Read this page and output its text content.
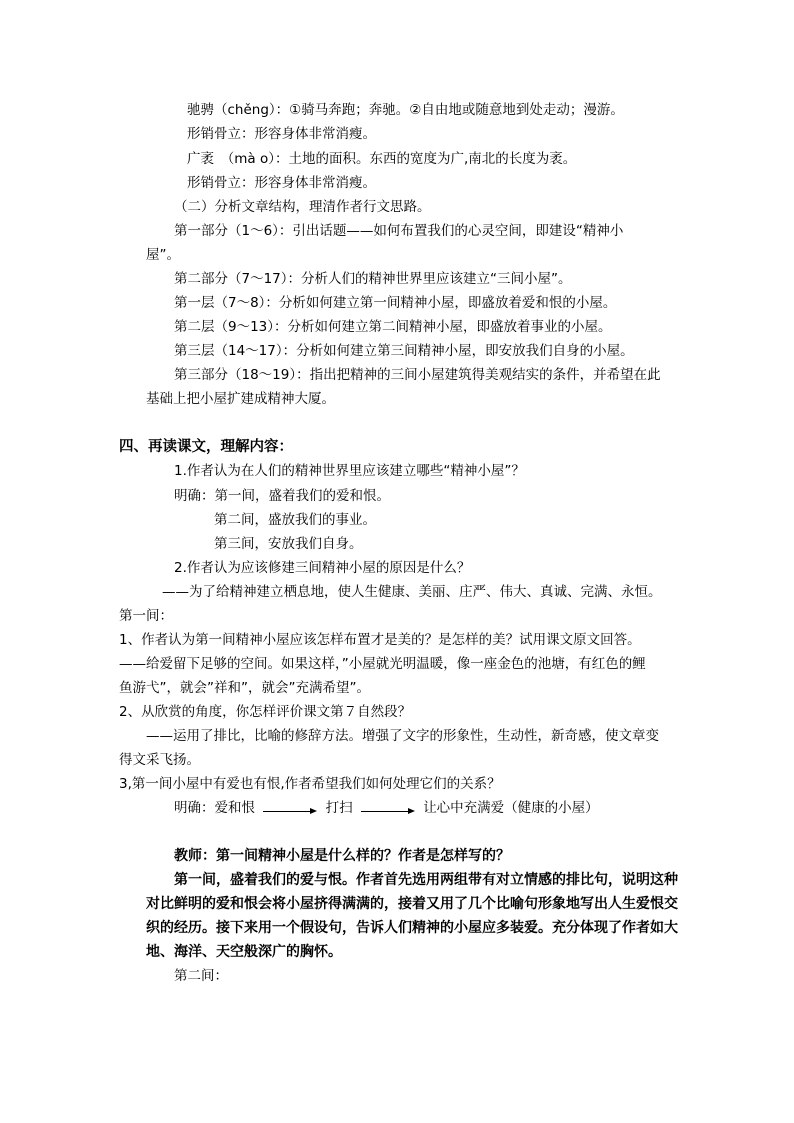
驰骋（chěng）：①骑马奔跑；奔驰。②自由地或随意地到处走动；漫游。
形销骨立：形容身体非常消瘦。
广袤　（mà o）：土地的面积。东西的宽度为广,南北的长度为袤。
形销骨立：形容身体非常消瘦。
（二）分析文章结构，理清作者行文思路。
第一部分（1～6）：引出话题——如何布置我们的心灵空间，即建设“精神小
屋”。
第二部分（7～17）：分析人们的精神世界里应该建立“三间小屋”。
第一层（7～8）：分析如何建立第一间精神小屋，即盛放着爱和恨的小屋。
第二层（9～13）：分析如何建立第二间精神小屋，即盛放着事业的小屋。
第三层（14～17）：分析如何建立第三间精神小屋，即安放我们自身的小屋。
第三部分（18～19）：指出把精神的三间小屋建筑得美观结实的条件，并希望在此
基础上把小屋扩建成精神大厦。
四、再读课文，理解内容：
1.作者认为在人们的精神世界里应该建立哪些“精神小屋”？
明确：第一间，盛着我们的爱和恨。
第二间，盛放我们的事业。
第三间，安放我们自身。
2.作者认为应该修建三间精神小屋的原因是什么？
——为了给精神建立栖息地，使人生健康、美丽、庄严、伟大、真诚、完满、永恒。
第一间：
1、作者认为第一间精神小屋应该怎样布置才是美的？是怎样的美？试用课文原文回答。
——给爱留下足够的空间。如果这样，”小屋就光明温暖，像一座金色的池塘，有红色的鲤
鱼游弋”，就会”祥和”，就会”充满希望”。
2、从欣赏的角度，你怎样评价课文第７自然段？
——运用了排比，比喻的修辞方法。增强了文字的形象性，生动性，新奇感，使文章变
得文采飞扬。
3,第一间小屋中有爱也有恨,作者希望我们如何处理它们的关系？
明确：爱和恨	打扫	让心中充满爱（健康的小屋）
教师：第一间精神小屋是什么样的？作者是怎样写的？
第一间，盛着我们的爱与恨。作者首先选用两组带有对立情感的排比句，说明这种
对比鲜明的爱和恨会将小屋挤得满满的，接着又用了几个比喻句形象地写出人生爱恨交
织的经历。接下来用一个假设句，告诉人们精神的小屋应多装爱。充分体现了作者如大
地、海洋、天空般深广的胸怀。
第二间：
